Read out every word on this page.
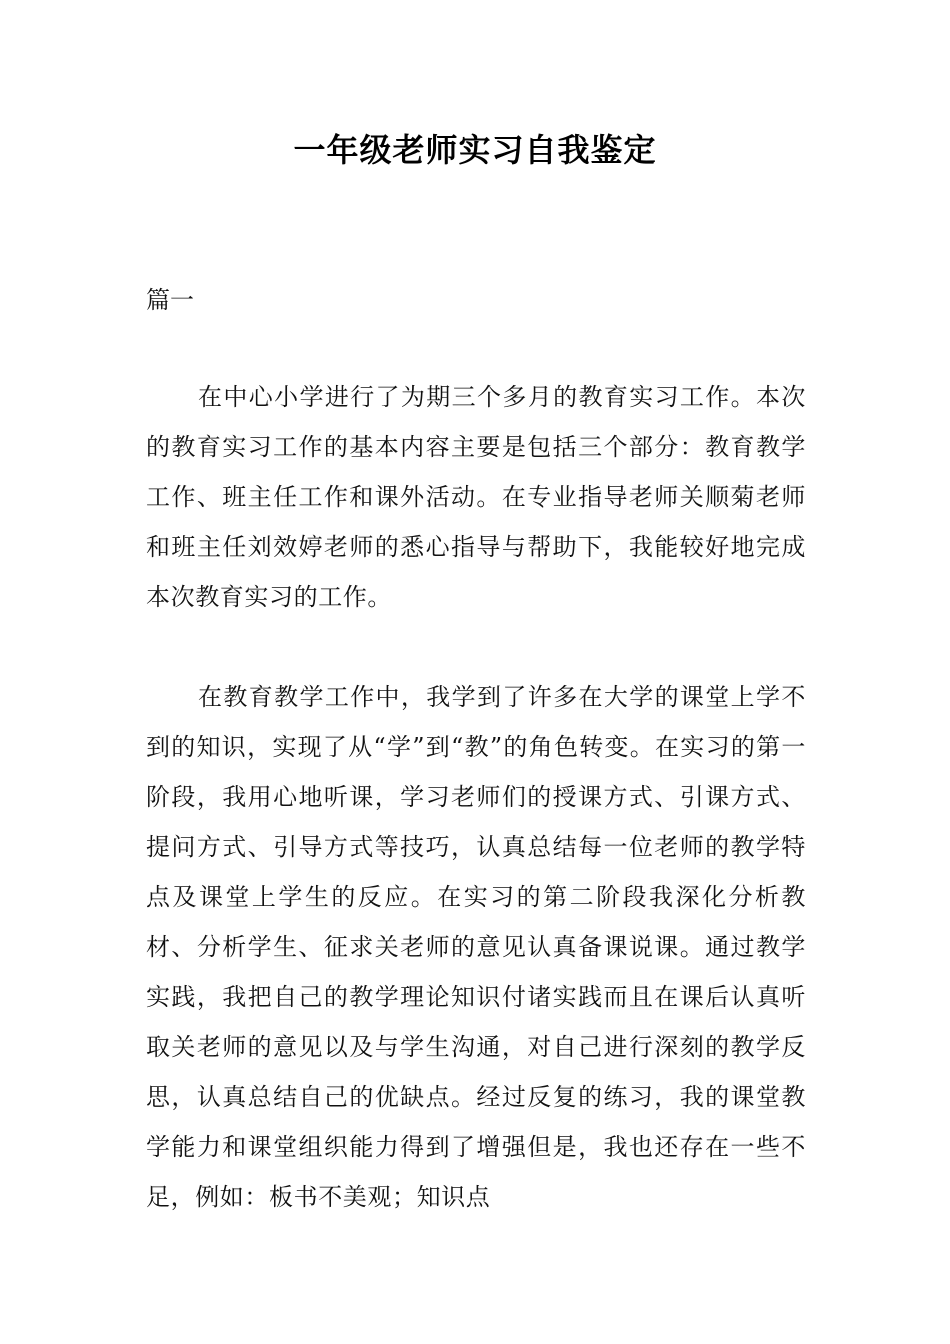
一年级老师实习自我鉴定
篇一

在中心小学进行了为期三个多月的教育实习工作。本次的教育实习工作的基本内容主要是包括三个部分：教育教学工作、班主任工作和课外活动。在专业指导老师关顺菊老师和班主任刘效婷老师的悉心指导与帮助下，我能较好地完成本次教育实习的工作。

在教育教学工作中，我学到了许多在大学的课堂上学不到的知识，实现了从“学”到“教”的角色转变。在实习的第一阶段，我用心地听课，学习老师们的授课方式、引课方式、提问方式、引导方式等技巧，认真总结每一位老师的教学特点及课堂上学生的反应。在实习的第二阶段我深化分析教材、分析学生、征求关老师的意见认真备课说课。通过教学实践，我把自己的教学理论知识付诸实践而且在课后认真听取关老师的意见以及与学生沟通，对自己进行深刻的教学反思，认真总结自己的优缺点。经过反复的练习，我的课堂教学能力和课堂组织能力得到了增强但是，我也还存在一些不足，例如：板书不美观；知识点
